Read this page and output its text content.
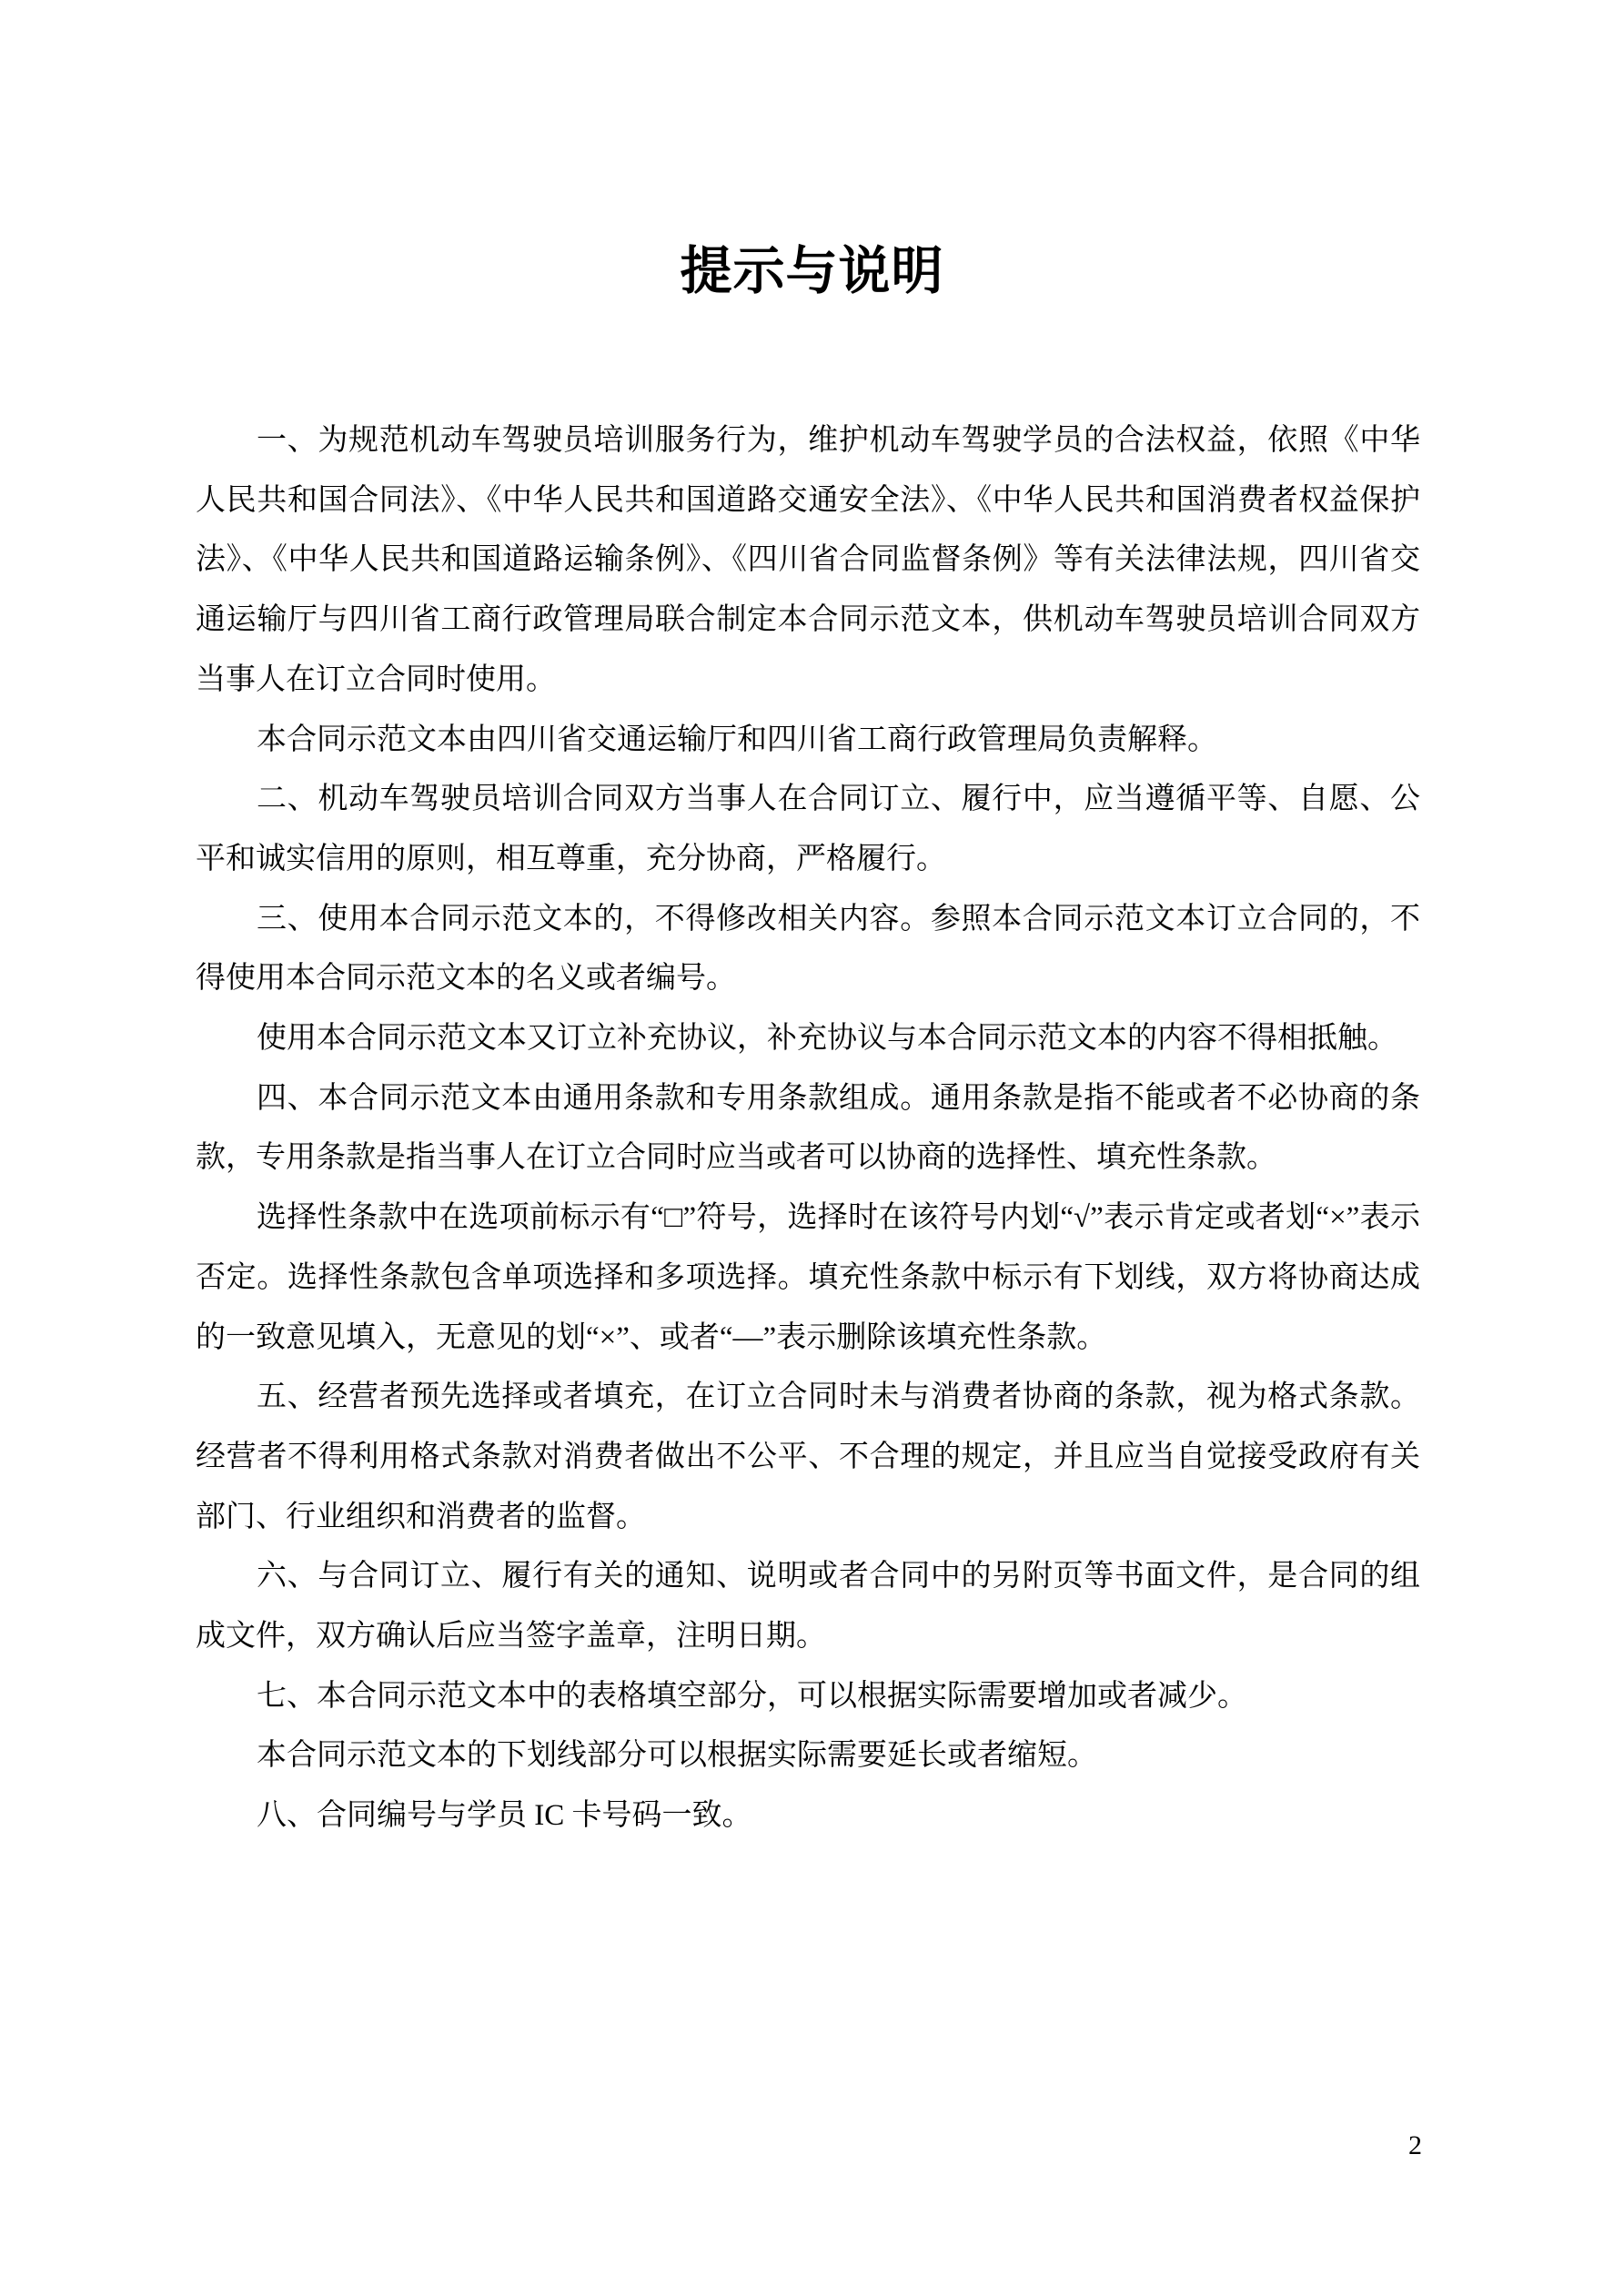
提示与说明

一、为规范机动车驾驶员培训服务行为，维护机动车驾驶学员的合法权益，依照《中华人民共和国合同法》、《中华人民共和国道路交通安全法》、《中华人民共和国消费者权益保护法》、《中华人民共和国道路运输条例》、《四川省合同监督条例》等有关法律法规，四川省交通运输厅与四川省工商行政管理局联合制定本合同示范文本，供机动车驾驶员培训合同双方当事人在订立合同时使用。

本合同示范文本由四川省交通运输厅和四川省工商行政管理局负责解释。

二、机动车驾驶员培训合同双方当事人在合同订立、履行中，应当遵循平等、自愿、公平和诚实信用的原则，相互尊重，充分协商，严格履行。

三、使用本合同示范文本的，不得修改相关内容。参照本合同示范文本订立合同的，不得使用本合同示范文本的名义或者编号。

使用本合同示范文本又订立补充协议，补充协议与本合同示范文本的内容不得相抵触。

四、本合同示范文本由通用条款和专用条款组成。通用条款是指不能或者不必协商的条款，专用条款是指当事人在订立合同时应当或者可以协商的选择性、填充性条款。

选择性条款中在选项前标示有“□”符号，选择时在该符号内划“√”表示肯定或者划“×”表示否定。选择性条款包含单项选择和多项选择。填充性条款中标示有下划线，双方将协商达成的一致意见填入，无意见的划“×”、或者“—”表示删除该填充性条款。

五、经营者预先选择或者填充，在订立合同时未与消费者协商的条款，视为格式条款。经营者不得利用格式条款对消费者做出不公平、不合理的规定，并且应当自觉接受政府有关部门、行业组织和消费者的监督。

六、与合同订立、履行有关的通知、说明或者合同中的另附页等书面文件，是合同的组成文件，双方确认后应当签字盖章，注明日期。

七、本合同示范文本中的表格填空部分，可以根据实际需要增加或者减少。

本合同示范文本的下划线部分可以根据实际需要延长或者缩短。

八、合同编号与学员 IC 卡号码一致。

2
